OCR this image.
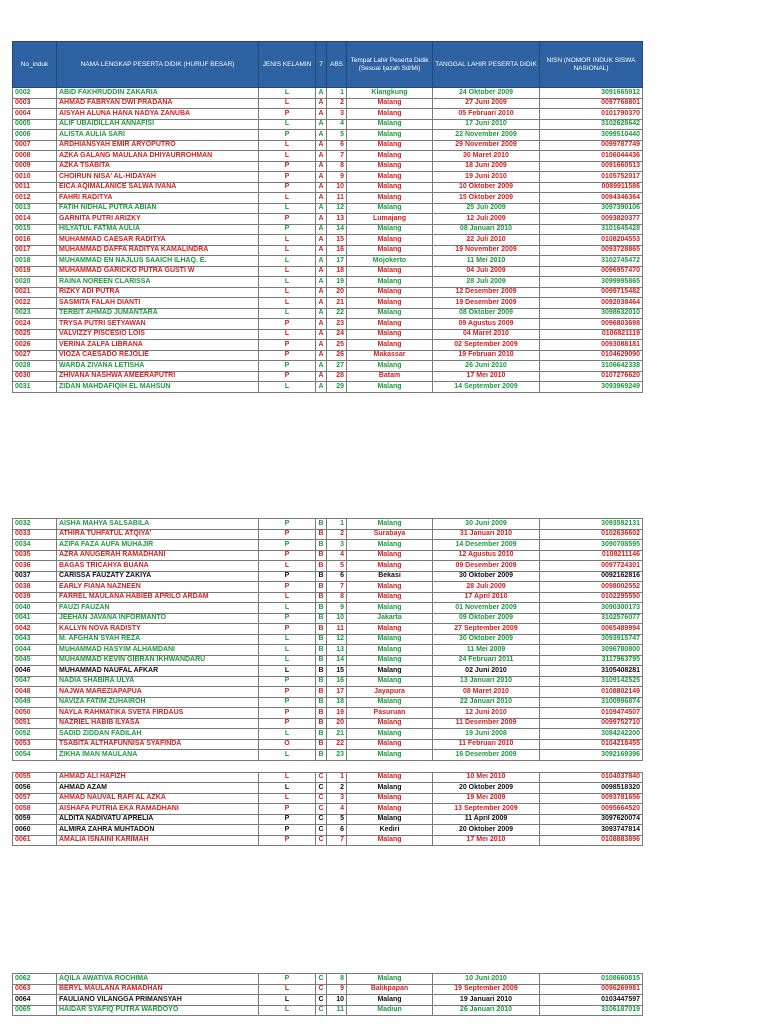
No_induk	NAMA LENGKAP PESERTA DIDIK (HURUF BESAR)	JENIS KELAMIN	7	ABS	Tempat Lahir Peserta Didik (Sesuai Ijazah Sd/Mi)	TANGGAL LAHIR PESERTA DIDIK	NISN (NOMOR INDUK SISWA NASIONAL)
0002	ABID FAKHRUDDIN ZAKARIA	L	A	1	Klangkung	24 Oktober 2009	3091665912
0003	AHMAD FABRYAN DWI PRADANA	L	A	2	Malang	27 Juni 2009	0097768801
0004	AISYAH ALUNA HANA NADYA ZANUBA	P	A	3	Malang	05 Februari 2010	0101790370
0005	ALIF UBAIDILLAH ANNAFISI	L	A	4	Malang	17 Juni 2010	3102628642
0006	ALISTA AULIA SARI	P	A	5	Malang	22 November 2009	3099510440
0007	ARDHIANSYAH EMIR ARYOPUTRO	L	A	6	Malang	29 November 2009	0099787749
0008	AZKA GALANG MAULANA DHIYAURROHMAN	L	A	7	Malang	30 Maret 2010	0106044436
0009	AZKA TSABITA	P	A	8	Malang	18 Juni 2009	0091660513
0010	CHOIRUN NISA' AL-HIDAYAH	P	A	9	Malang	19 Juni 2010	0105752017
0011	EICA AQIMALANICE SALWA IVANA	P	A	10	Malang	10 Oktober 2009	0089911586
0012	FAHRI RADITYA	L	A	11	Malang	15 Oktober 2009	0094346364
0013	FATIH NIDHAL PUTRA ABIAN	L	A	12	Malang	25 Juli 2009	3097390106
0014	GARNITA PUTRI ARIZKY	P	A	13	Lumajang	12 Juli 2009	0093820377
0015	HILYATUL FATMA AULIA	P	A	14	Malang	08 Januari 2010	3101645428
0016	MUHAMMAD CAESAR RADITYA	L	A	15	Malang	22 Juli 2010	0108204553
0017	MUHAMMAD DAFFA RADITYA KAMALINDRA	L	A	16	Malang	19 November 2009	0093728865
0018	MUHAMMAD EN NAJLUS SAAICH ILHAQ. E.	L	A	17	Mojokerto	11 Mei 2010	3102745472
0019	MUHAMMAD GARICKO PUTRA GUSTI W	L	A	18	Malang	04 Juli 2009	0096957470
0020	RAINA NOREEN CLARISSA	L	A	19	Malang	28 Juli 2009	3099995865
0021	RIZKY ADI PUTRA	L	A	20	Malang	12 Desember 2009	0099715482
0022	SASMITA FALAH DIANTI	L	A	21	Malang	19 Desember 2009	0092038464
0023	TERBIT AHMAD JUMANTARA	L	A	22	Malang	08 Oktober 2009	3098632010
0024	TRYSA PUTRI SETYAWAN	P	A	23	Malang	09 Agustus 2009	0096803698
0025	VALVIZZY PISCESIO LOIS	L	A	24	Malang	04 Maret 2010	0106821119
0026	VERINA ZALFA LIBRANA	P	A	25	Malang	02 September 2009	0093088181
0027	VIOZA CAESADO REJOLIE	P	A	26	Makassar	19 Februari 2010	0104629090
0028	WARDA ZIVANA LETISHA	P	A	27	Malang	26 Juni 2010	3106642338
0030	ZHIVANA NASHWA AMEERAPUTRI	P	A	28	Batam	17 Mei 2010	0107276620
0031	ZIDAN MAHDAFIQIH EL MAHSUN	L	A	29	Malang	14 September 2009	3093969249
0032	AISHA MAHYA SALSABILA	P	B	1	Malang	30 Juni 2009	3093592131
0033	ATHIRA TUHFATUL ATQIYA'	P	B	2	Surabaya	31 Januari 2010	0102636602
0034	AZIFA FAZA AUFA MUHAJIR	P	B	3	Malang	14 Desember 2009	3090708595
0035	AZRA ANUGERAH RAMADHANI	P	B	4	Malang	12 Agustus 2010	0108211146
0036	BAGAS TRICAHYA BUANA	L	B	5	Malang	09 Desember 2009	0097724301
0037	CARISSA FAUZATY ZAKIYA	P	B	6	Bekasi	30 Oktober 2009	0092162816
0038	EARLY FIANA NAZNEEN	P	B	7	Malang	28 Juli 2009	0098002552
0039	FARREL MAULANA HABIEB APRILO ARDAM	L	B	8	Malang	17 April 2010	0102295550
0040	FAUZI FAUZAN	L	B	9	Malang	01 November 2009	3090300173
0041	JEEHAN JAVANA INFORMANTO	P	B	10	Jakarta	09 Oktober 2009	3102576077
0042	KALLYN NOVA RADISTY	P	B	11	Malang	27 September 2009	0065489994
0043	M. AFGHAN SYAH REZA	L	B	12	Malang	30 Oktober 2009	3093915747
0044	MUHAMMAD HASYIM ALHAMDANI	L	B	13	Malang	11 Mei 2009	3096780800
0045	MUHAMMAD KEVIN GIBRAN IKHWANDARU	L	B	14	Malang	24 Februari 2011	3117963795
0046	MUHAMMAD NAUFAL AFKAR	L	B	15	Malang	02 Juni 2010	3105408281
0047	NADIA SHABIRA ULYA	P	B	16	Malang	13 Januari 2010	3109142525
0048	NAJWA MAREZIAPAPUA	P	B	17	Jayapura	08 Maret 2010	0108802149
0049	NAVIZA FATIM ZUHAIROH	P	B	18	Malang	22 Januari 2010	3100996874
0050	NAYLA RAHMATIKA SVETA FIRDAUS	P	B	19	Pasuruan	12 Juni 2010	0109474507
0051	NAZRIEL HABIB ILYASA	P	B	20	Malang	11 Desember 2009	0099752710
0052	SADID ZIDDAN FADILAH	L	B	21	Malang	19 Juni 2008	3084242200
0053	TSABITA ALTHAFUNNISA SYAFINDA	O	B	22	Malang	11 Februari 2010	0104218455
0054	ZIKHA IMAN MAULANA	L	B	23	Malang	16 Desember 2009	3092169396

0055	AHMAD ALI HAFIZH	L	C	1	Malang	10 Mei 2010	0104037840
0056	AHMAD AZAM	L	C	2	Malang	20 Oktober 2009	0098518320
0057	AHMAD NAUVAL RAFI AL AZKA	L	C	3	Malang	19 Mei 2009	0093781656
0058	AISHAFA PUTRIA EKA RAMADHANI	P	C	4	Malang	13 September 2009	0095664520
0059	ALDITA NADIVATU APRELIA	P	C	5	Malang	11 April 2009	3097620074
0060	ALMIRA ZAHRA MUHTADON	P	C	6	Kediri	20 Oktober 2009	3093747814
0061	AMALIA ISNAINI KARIMAH	P	C	7	Malang	17 Mei 2010	0108883896
0062	AQILA AWATIVA ROCHIMA	P	C	8	Malang	10 Juni 2010	0108660815
0063	BERYL MAULANA RAMADHAN	L	C	9	Balikpapan	19 September 2009	0096269981
0064	FAULIANO VILANGGA PRIMANSYAH	L	C	10	Malang	19 Januari 2010	0103447597
0065	HAIDAR SYAFIQ PUTRA WARDOYO	L	C	11	Madiun	26 Januari 2010	3106187019
